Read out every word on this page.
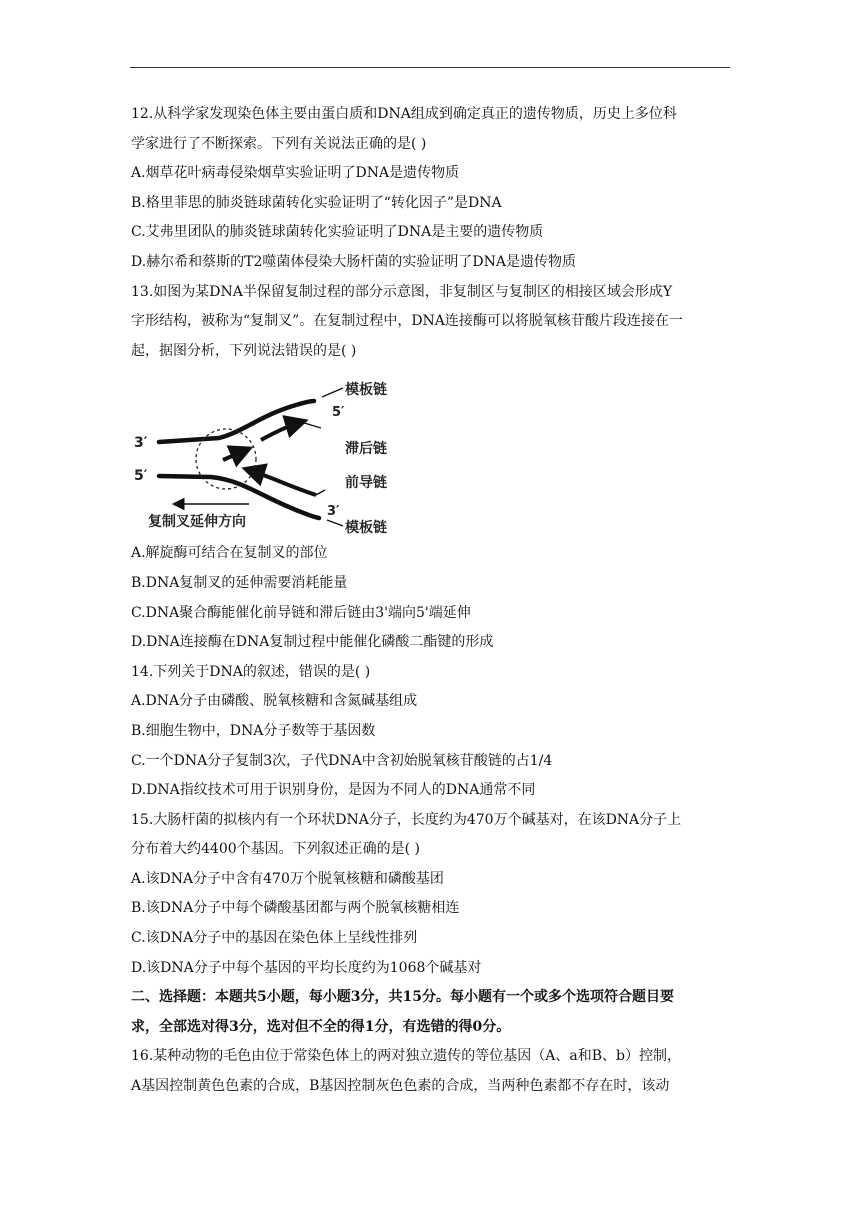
12.从科学家发现染色体主要由蛋白质和DNA组成到确定真正的遗传物质，历史上多位科
学家进行了不断探索。下列有关说法正确的是( )
A.烟草花叶病毒侵染烟草实验证明了DNA是遗传物质
B.格里菲思的肺炎链球菌转化实验证明了“转化因子”是DNA
C.艾弗里团队的肺炎链球菌转化实验证明了DNA是主要的遗传物质
D.赫尔希和蔡斯的T2噬菌体侵染大肠杆菌的实验证明了DNA是遗传物质
13.如图为某DNA半保留复制过程的部分示意图，非复制区与复制区的相接区域会形成Y
字形结构，被称为“复制叉”。在复制过程中，DNA连接酶可以将脱氧核苷酸片段连接在一
起，据图分析，下列说法错误的是( )
3′
5′
模板链
5′
滞后链
前导链
3′
模板链
复制叉延伸方向
A.解旋酶可结合在复制叉的部位
B.DNA复制叉的延伸需要消耗能量
C.DNA聚合酶能催化前导链和滞后链由3'端向5'端延伸
D.DNA连接酶在DNA复制过程中能催化磷酸二酯键的形成
14.下列关于DNA的叙述，错误的是( )
A.DNA分子由磷酸、脱氧核糖和含氮碱基组成
B.细胞生物中，DNA分子数等于基因数
C.一个DNA分子复制3次，子代DNA中含初始脱氧核苷酸链的占1/4
D.DNA指纹技术可用于识别身份，是因为不同人的DNA通常不同
15.大肠杆菌的拟核内有一个环状DNA分子，长度约为470万个碱基对，在该DNA分子上
分布着大约4400个基因。下列叙述正确的是( )
A.该DNA分子中含有470万个脱氧核糖和磷酸基团
B.该DNA分子中每个磷酸基团都与两个脱氧核糖相连
C.该DNA分子中的基因在染色体上呈线性排列
D.该DNA分子中每个基因的平均长度约为1068个碱基对
二、选择题：本题共5小题，每小题3分，共15分。每小题有一个或多个选项符合题目要
求，全部选对得3分，选对但不全的得1分，有选错的得0分。
16.某种动物的毛色由位于常染色体上的两对独立遗传的等位基因（A、a和B、b）控制，
A基因控制黄色色素的合成，B基因控制灰色色素的合成，当两种色素都不存在时，该动
